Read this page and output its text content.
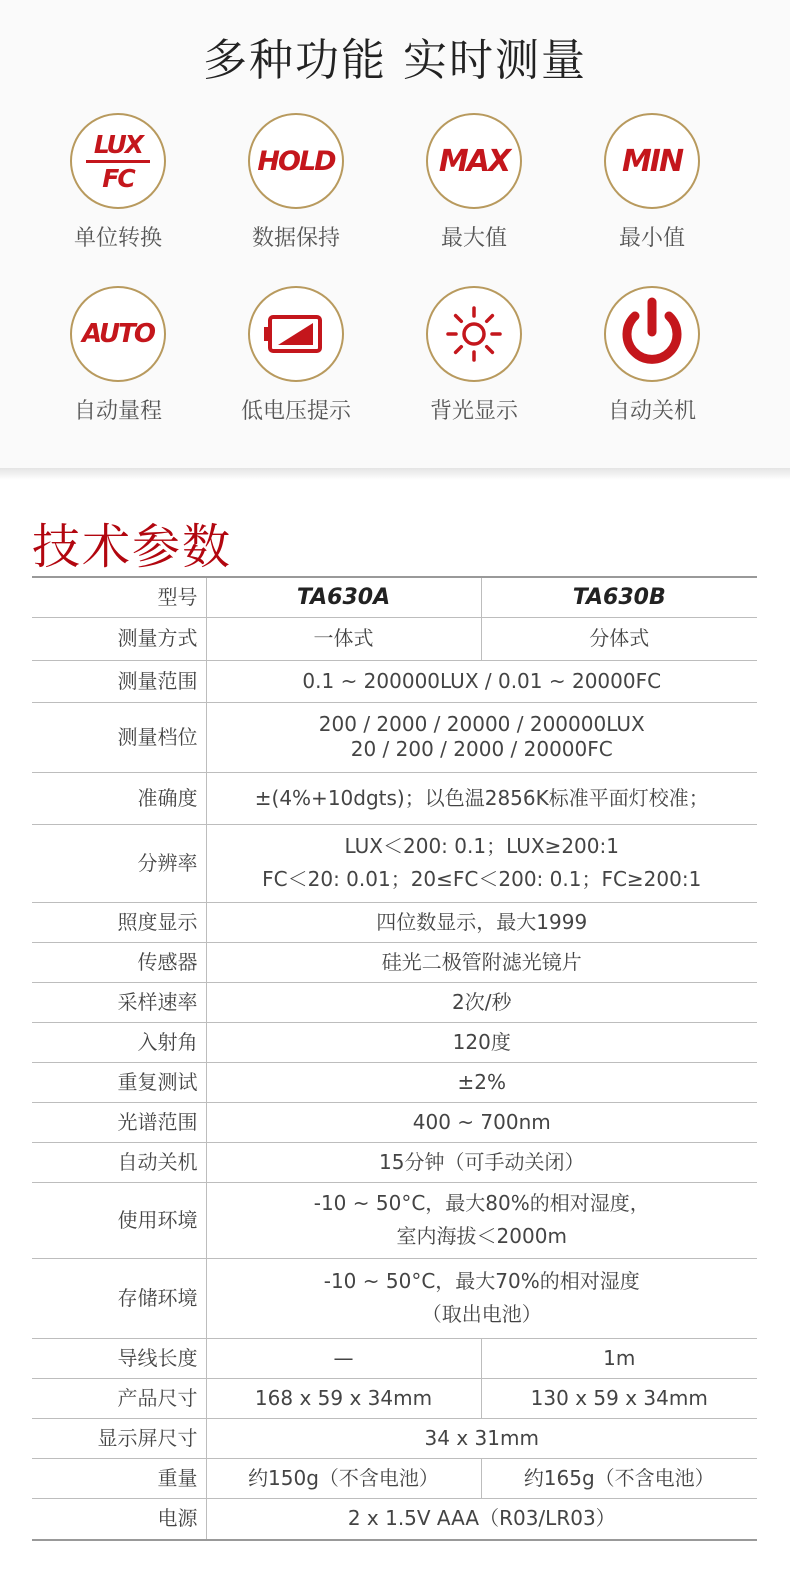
多种功能 实时测量
LUX
FC
单位转换
HOLD
数据保持
MAX
最大值
MIN
最小值
AUTO
自动量程	低电压提示	背光显示	自动关机
技术参数
型号	TA630A	TA630B
测量方式	一体式	分体式
测量范围	0.1 ~ 200000LUX / 0.01 ~ 20000FC	
测量档位	200 / 2000 / 20000 / 200000LUX
20 / 200 / 2000 / 20000FC	

准确度	±(4%+10dgts)；以色温2856K标准平面灯校准；	
分辨率	LUX＜200: 0.1；LUX≥200:1
FC＜20: 0.01；20≤FC＜200: 0.1；FC≥200:1	

照度显示	四位数显示，最大1999	
传感器	硅光二极管附滤光镜片	
采样速率	2次/秒	
入射角	120度	
重复测试	±2%	
光谱范围	400 ~ 700nm	
自动关机	15分钟（可手动关闭）	
使用环境	-10 ~ 50°C，最大80%的相对湿度，
室内海拔＜2000m	

存储环境	-10 ~ 50°C，最大70%的相对湿度
（取出电池）	

导线长度	—	1m
产品尺寸	168 x 59 x 34mm	130 x 59 x 34mm
显示屏尺寸	34 x 31mm	
重量	约150g（不含电池）	约165g（不含电池）
电源	2 x 1.5V AAA（R03/LR03）	
